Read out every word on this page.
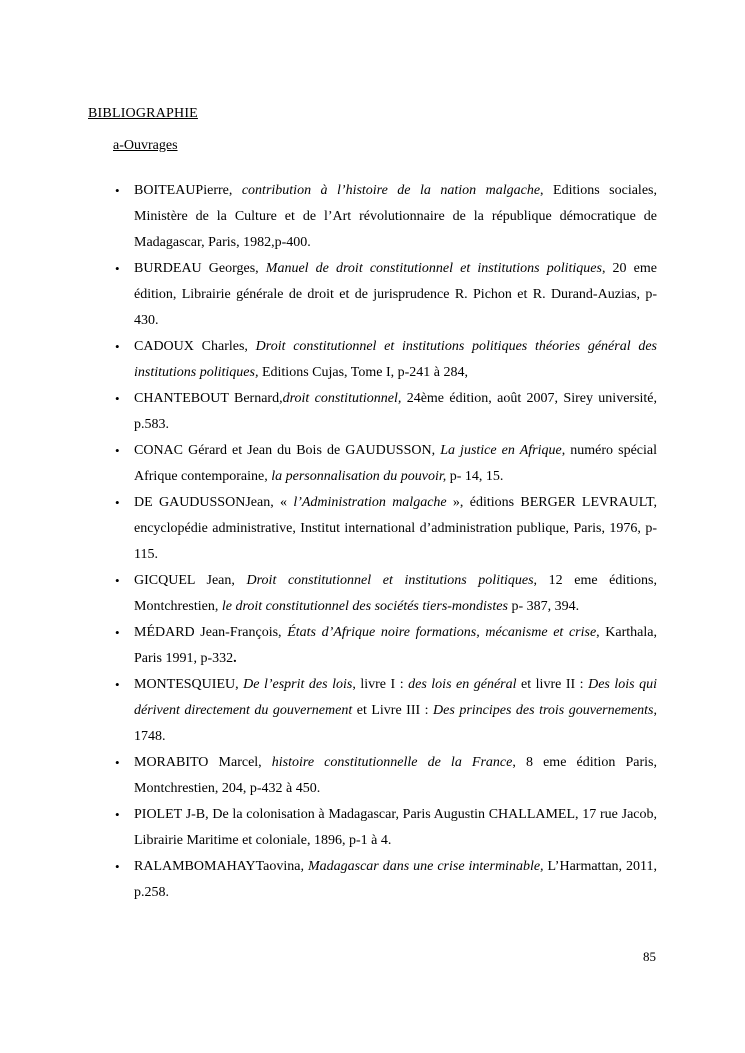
BIBLIOGRAPHIE
a-Ouvrages
• BOITEAUPierre, contribution à l’histoire de la nation malgache, Editions sociales, Ministère de la Culture et de l’Art révolutionnaire de la république démocratique de Madagascar, Paris, 1982,p-400.
• BURDEAU Georges, Manuel de droit constitutionnel et institutions politiques, 20 eme édition, Librairie générale de droit et de jurisprudence R. Pichon et R. Durand-Auzias, p-430.
• CADOUX Charles, Droit constitutionnel et institutions politiques théories général des institutions politiques, Editions Cujas, Tome I, p-241 à 284,
• CHANTEBOUT Bernard,droit constitutionnel, 24ème édition, août 2007, Sirey université, p.583.
• CONAC Gérard et Jean du Bois de GAUDUSSON, La justice en Afrique, numéro spécial Afrique contemporaine, la personnalisation du pouvoir, p- 14, 15.
• DE GAUDUSSONJean, « l’Administration malgache », éditions BERGER LEVRAULT, encyclopédie administrative, Institut international d’administration publique, Paris, 1976, p-115.
• GICQUEL Jean, Droit constitutionnel et institutions politiques, 12 eme éditions, Montchrestien, le droit constitutionnel des sociétés tiers-mondistes p- 387, 394.
• MÉDARD Jean-François, États d’Afrique noire formations, mécanisme et crise, Karthala, Paris 1991, p-332.
• MONTESQUIEU, De l’esprit des lois, livre I : des lois en général et livre II : Des lois qui dérivent directement du gouvernement et Livre III : Des principes des trois gouvernements, 1748.
• MORABITO Marcel, histoire constitutionnelle de la France, 8 eme édition Paris, Montchrestien, 204, p-432 à 450.
• PIOLET J-B, De la colonisation à Madagascar, Paris Augustin CHALLAMEL, 17 rue Jacob, Librairie Maritime et coloniale, 1896, p-1 à 4.
• RALAMBOMAHAYTaovina, Madagascar dans une crise interminable, L’Harmattan, 2011, p.258.
85
